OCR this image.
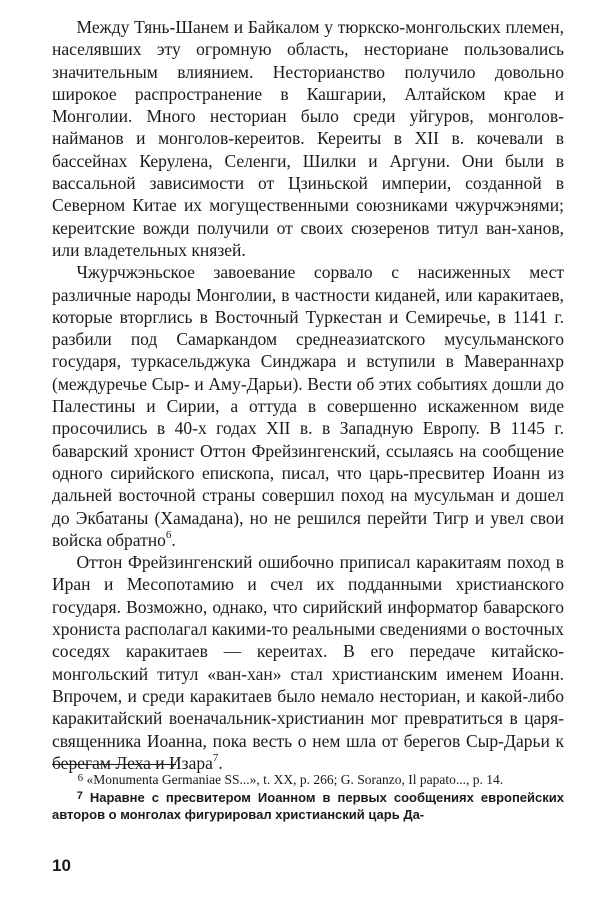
Между Тянь-Шанем и Байкалом у тюркско-монгольских племен, населявших эту огромную область, несториане пользовались значительным влиянием. Несторианство получило довольно широкое распространение в Кашгарии, Алтайском крае и Монголии. Много несториан было среди уйгуров, монголов-найманов и монголов-кереитов. Кереиты в XII в. кочевали в бассейнах Керулена, Селенги, Шилки и Аргуни. Они были в вассальной зависимости от Цзиньской империи, созданной в Северном Китае их могущественными союзниками чжурчжэнями; кереитские вожди получили от своих сюзеренов титул ван-ханов, или владетельных князей.

Чжурчжэньское завоевание сорвало с насиженных мест различные народы Монголии, в частности киданей, или каракитаев, которые вторглись в Восточный Туркестан и Семиречье, в 1141 г. разбили под Самаркандом среднеазиатского мусульманского государя, туркасельджука Синджара и вступили в Мавераннахр (междуречье Сыр- и Аму-Дарьи). Вести об этих событиях дошли до Палестины и Сирии, а оттуда в совершенно искаженном виде просочились в 40-х годах XII в. в Западную Европу. В 1145 г. баварский хронист Оттон Фрейзингенский, ссылаясь на сообщение одного сирийского епископа, писал, что царь-пресвитер Иоанн из дальней восточной страны совершил поход на мусульман и дошел до Экбатаны (Хамадана), но не решился перейти Тигр и увел свои войска обратно$^6$.

Оттон Фрейзингенский ошибочно приписал каракитаям поход в Иран и Месопотамию и счел их подданными христианского государя. Возможно, однако, что сирийский информатор баварского хрониста располагал какими-то реальными сведениями о восточных соседях каракитаев — кереитах. В его передаче китайско-монгольский титул «ван-хан» стал христианским именем Иоанн. Впрочем, и среди каракитаев было немало несториан, и какой-либо каракитайский военачальник-христианин мог превратиться в царя-священника Иоанна, пока весть о нем шла от берегов Сыр-Дарьи к берегам Леха и Изара$^7$.

$^6$ «Monumenta Germaniae SS...», t. XX, p. 266; G. Soranzo, Il papato..., p. 14.

$^7$ Наравне с пресвитером Иоанном в первых сообщениях европейских авторов о монголах фигурировал христианский царь Да-

10
